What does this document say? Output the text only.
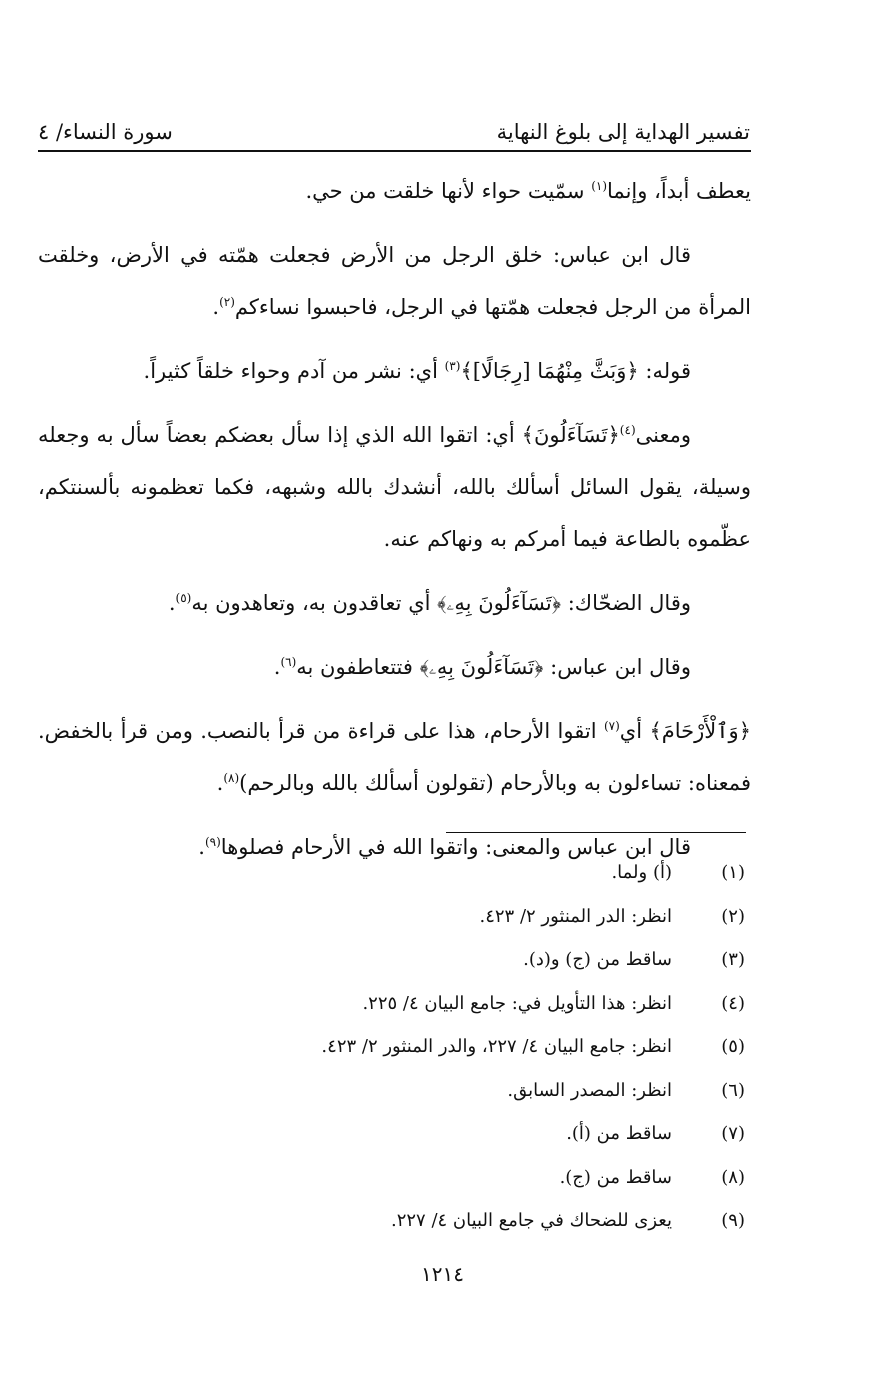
تفسير الهداية إلى بلوغ النهاية
سورة النساء/ ٤

يعطف أبداً، وإنما$^{(١)}$ سمّيت حواء لأنها خلقت من حي.

قال ابن عباس: خلق الرجل من الأرض فجعلت همّته في الأرض، وخلقت المرأة من الرجل فجعلت همّتها في الرجل، فاحبسوا نساءكم$^{(٢)}$.

قوله: ﴿وَبَثَّ مِنْهُمَا [رِجَالًا]﴾$^{(٣)}$ أي: نشر من آدم وحواء خلقاً كثيراً.

ومعنى$^{(٤)}$﴿تَسَآءَلُونَ﴾ أي: اتقوا الله الذي إذا سأل بعضكم بعضاً سأل به وجعله وسيلة، يقول السائل أسألك بالله، أنشدك بالله وشبهه، فكما تعظمونه بألسنتكم، عظّموه بالطاعة فيما أمركم به ونهاكم عنه.

وقال الضحّاك: ﴿تَسَآءَلُونَ بِهِۦ﴾ أي تعاقدون به، وتعاهدون به$^{(٥)}$.

وقال ابن عباس: ﴿تَسَآءَلُونَ بِهِۦ﴾ فتتعاطفون به$^{(٦)}$.

﴿وَٱلْأَرْحَامَ﴾ أي$^{(٧)}$ اتقوا الأرحام، هذا على قراءة من قرأ بالنصب. ومن قرأ بالخفض. فمعناه: تساءلون به وبالأرحام (تقولون أسألك بالله وبالرحم)$^{(٨)}$.

قال ابن عباس والمعنى: واتقوا الله في الأرحام فصلوها$^{(٩)}$.

(١)
(أ) ولما.
(٢)
انظر: الدر المنثور ٢/ ٤٢٣.
(٣)
ساقط من (ج) و(د).
(٤)
انظر: هذا التأويل في: جامع البيان ٤/ ٢٢٥.
(٥)
انظر: جامع البيان ٤/ ٢٢٧، والدر المنثور ٢/ ٤٢٣.
(٦)
انظر: المصدر السابق.
(٧)
ساقط من (أ).
(٨)
ساقط من (ج).
(٩)
يعزى للضحاك في جامع البيان ٤/ ٢٢٧.
١٢١٤
